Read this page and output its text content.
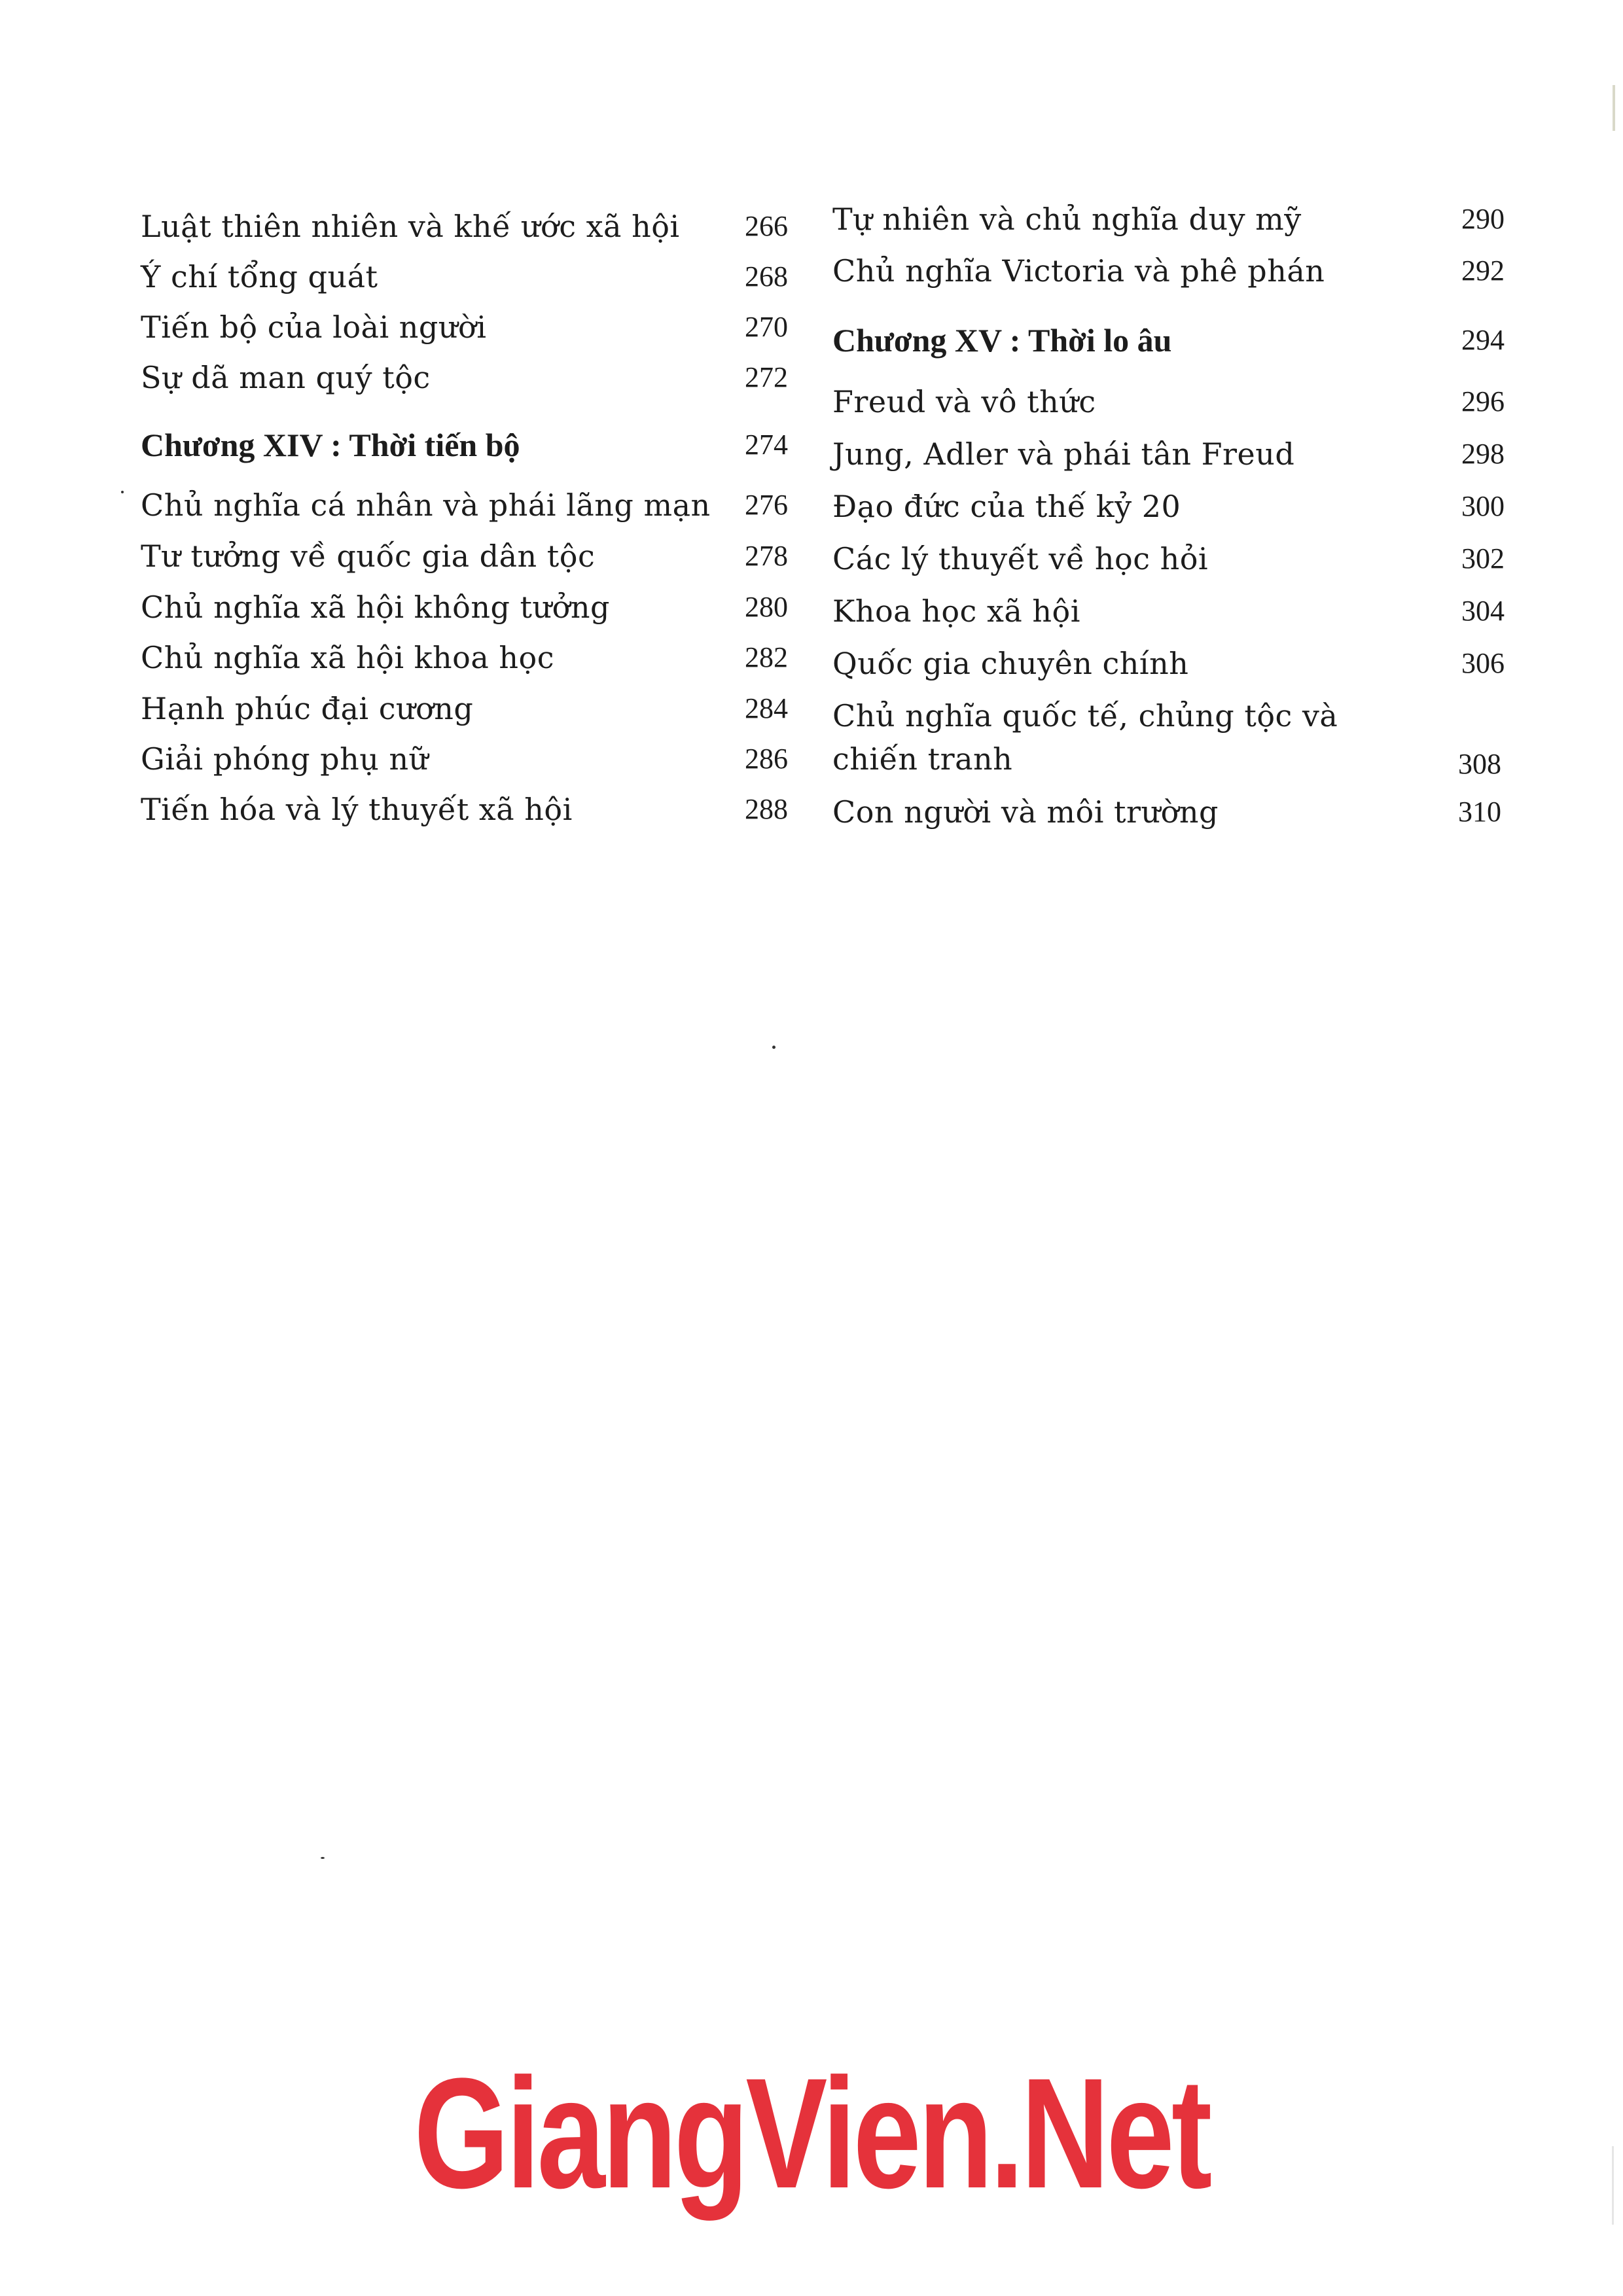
Luật thiên nhiên và khế ước xã hội 266
Ý chí tổng quát	268
Tiến bộ của loài người	270
Sự dã man quý tộc	272
Chương XIV : Thời tiến bộ	274
Chủ nghĩa cá nhân và phái lãng mạn 276
Tư tưởng về quốc gia dân tộc	278
Chủ nghĩa xã hội không tưởng	280
Chủ nghĩa xã hội khoa học	282
Hạnh phúc đại cương	284
Giải phóng phụ nữ	286
Tiến hóa và lý thuyết xã hội	288
Tự nhiên và chủ nghĩa duy mỹ	290
Chủ nghĩa Victoria và phê phán	292
Chương XV : Thời lo âu	294
Freud và vô thức	296
Jung, Adler và phái tân Freud	298
Đạo đức của thế kỷ 20	300
Các lý thuyết về học hỏi	302
Khoa học xã hội	304
Quốc gia chuyên chính	306
Chủ nghĩa quốc tế, chủng tộc và
chiến tranh	308
Con người và môi trường	310
GiangVien.Net
